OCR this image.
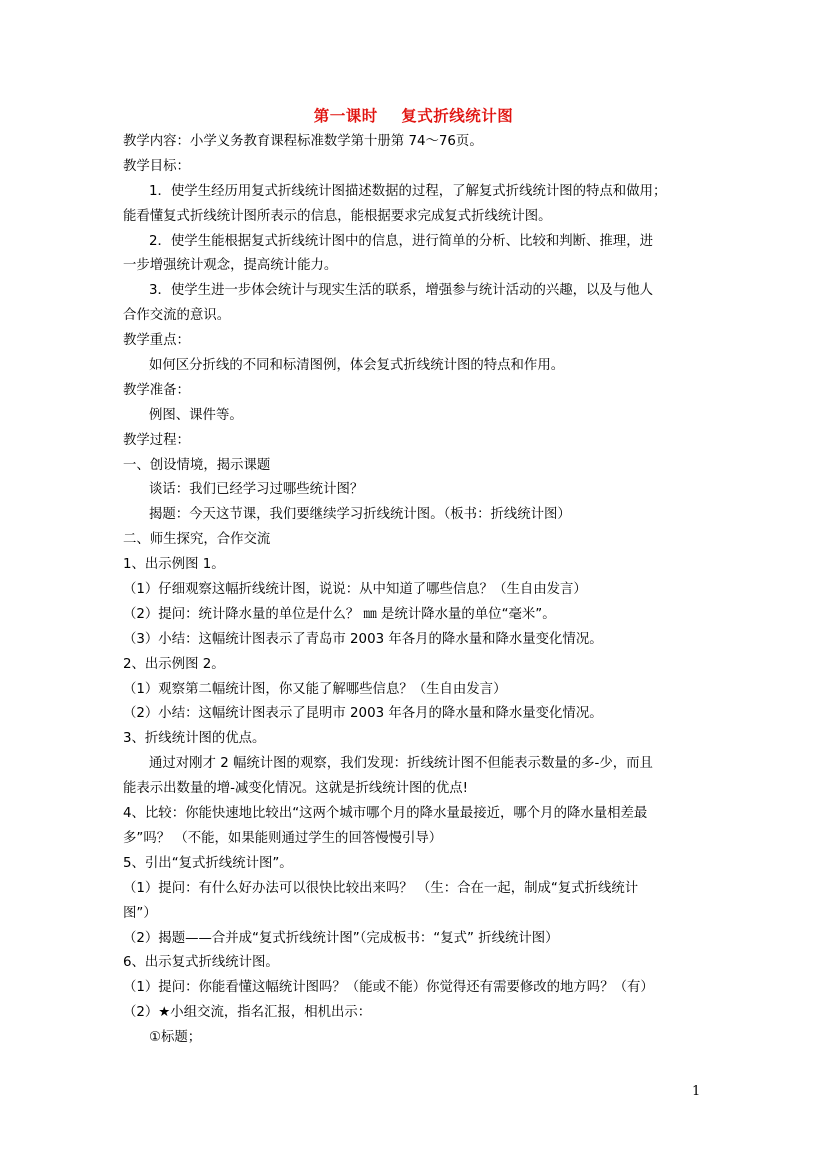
第一课时    复式折线统计图
教学内容：小学义务教育课程标准数学第十册第 74～76页。
教学目标：
1．使学生经历用复式折线统计图描述数据的过程，了解复式折线统计图的特点和做用；
能看懂复式折线统计图所表示的信息，能根据要求完成复式折线统计图。
2．使学生能根据复式折线统计图中的信息，进行简单的分析、比较和判断、推理，进
一步增强统计观念，提高统计能力。
3．使学生进一步体会统计与现实生活的联系，增强参与统计活动的兴趣，以及与他人
合作交流的意识。
教学重点：
如何区分折线的不同和标清图例，体会复式折线统计图的特点和作用。
教学准备：
例图、课件等。
教学过程：
一、创设情境，揭示课题
谈话：我们已经学习过哪些统计图？
揭题：今天这节课，我们要继续学习折线统计图。（板书：折线统计图）
二、师生探究，合作交流
1、出示例图 1。
（1）仔细观察这幅折线统计图，说说：从中知道了哪些信息？（生自由发言）
（2）提问：统计降水量的单位是什么？ ㎜ 是统计降水量的单位“毫米”。
（3）小结：这幅统计图表示了青岛市 2003 年各月的降水量和降水量变化情况。
2、出示例图 2。
（1）观察第二幅统计图，你又能了解哪些信息？（生自由发言）
（2）小结：这幅统计图表示了昆明市 2003 年各月的降水量和降水量变化情况。
3、折线统计图的优点。
通过对刚才 2 幅统计图的观察，我们发现：折线统计图不但能表示数量的多-少，而且
能表示出数量的增-减变化情况。这就是折线统计图的优点!
4、比较：你能快速地比较出“这两个城市哪个月的降水量最接近，哪个月的降水量相差最
多”吗？ （不能，如果能则通过学生的回答慢慢引导）
5、引出“复式折线统计图”。
（1）提问：有什么好办法可以很快比较出来吗？ （生：合在一起，制成“复式折线统计
图”）
（2）揭题——合并成“复式折线统计图”（完成板书：“复式” 折线统计图）
6、出示复式折线统计图。
（1）提问：你能看懂这幅统计图吗？（能或不能）你觉得还有需要修改的地方吗？（有）
（2）★小组交流，指名汇报，相机出示：
①标题；
1
